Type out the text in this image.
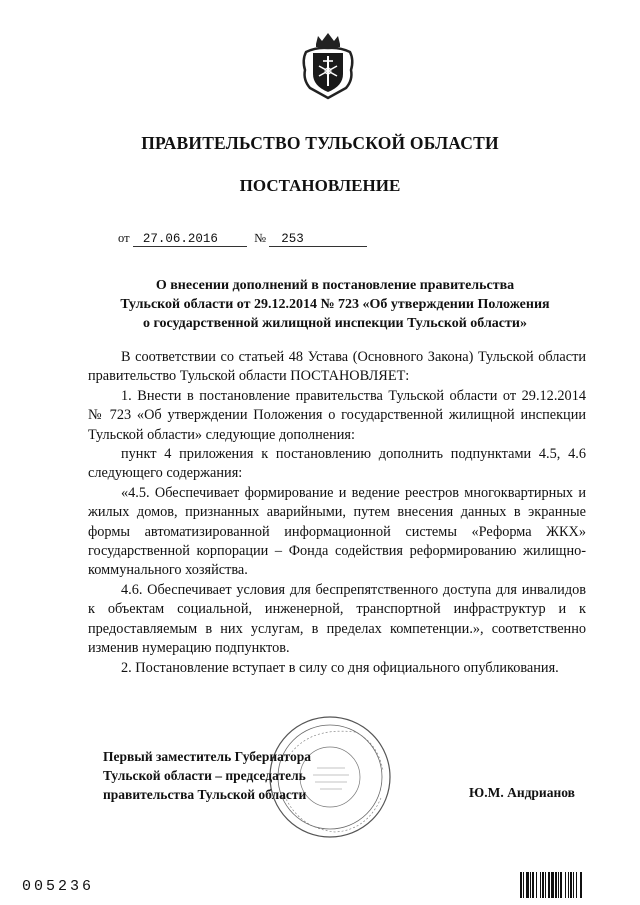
ПРАВИТЕЛЬСТВО ТУЛЬСКОЙ ОБЛАСТИ
ПОСТАНОВЛЕНИЕ
от 27.06.2016	№ 253
О внесении дополнений в постановление правительства
Тульской области от 29.12.2014 № 723 «Об утверждении Положения
о государственной жилищной инспекции Тульской области»

В соответствии со статьей 48 Устава (Основного Закона) Тульской области правительство Тульской области ПОСТАНОВЛЯЕТ:

1. Внести в постановление правительства Тульской области от 29.12.2014 № 723 «Об утверждении Положения о государственной жилищной инспекции Тульской области» следующие дополнения:

пункт 4 приложения к постановлению дополнить подпунктами 4.5, 4.6 следующего содержания:

«4.5. Обеспечивает формирование и ведение реестров многоквартирных и жилых домов, признанных аварийными, путем внесения данных в экранные формы автоматизированной информационной системы «Реформа ЖКХ» государственной корпорации – Фонда содействия реформированию жилищно-коммунального хозяйства.

4.6. Обеспечивает условия для беспрепятственного доступа для инвалидов к объектам социальной, инженерной, транспортной инфраструктур и к предоставляемым в них услугам, в пределах компетенции.», соответственно изменив нумерацию подпунктов.

2. Постановление вступает в силу со дня официального опубликования.

Первый заместитель Губернатора
Тульской области – председатель
правительства Тульской области	Ю.М. Андрианов
005236
